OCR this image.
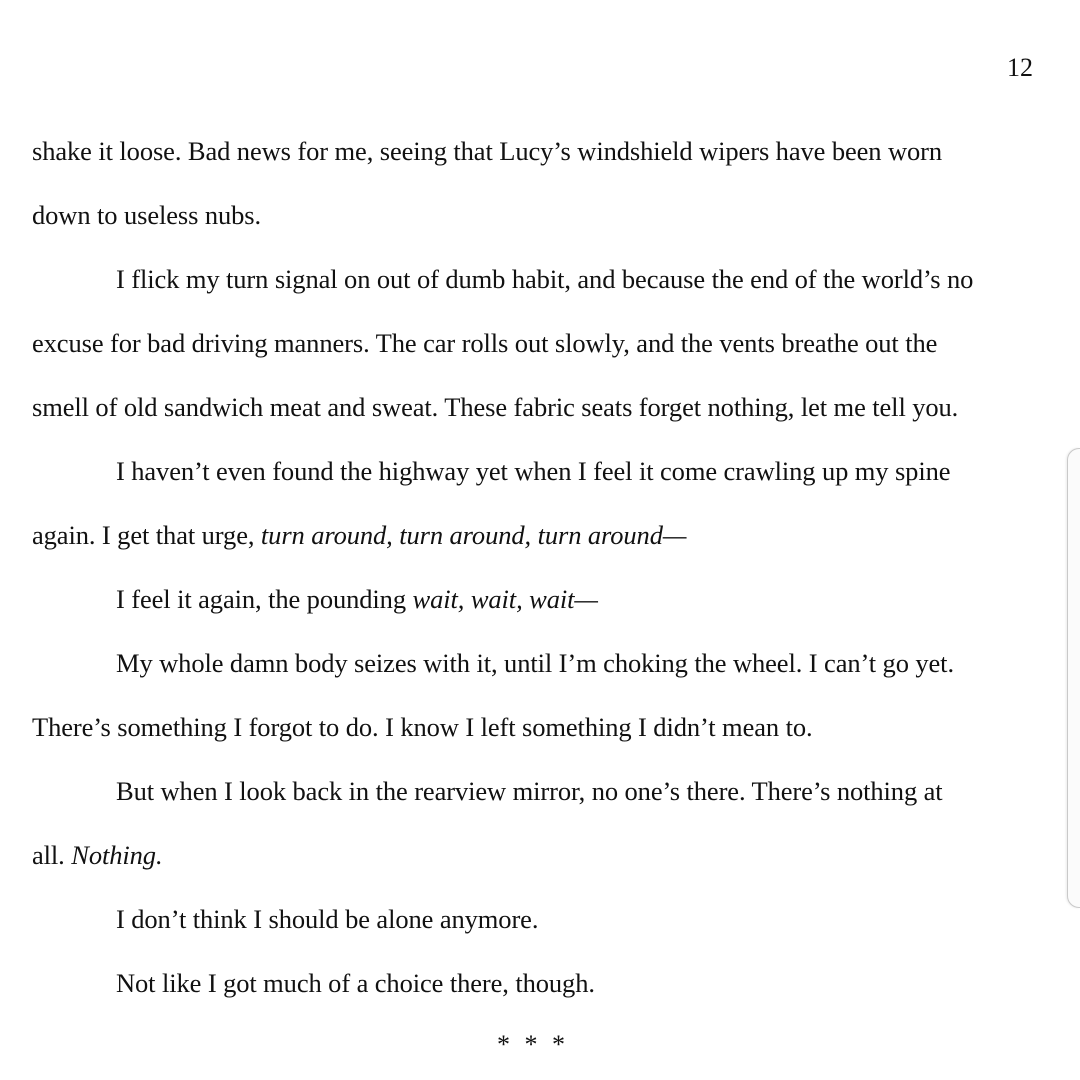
12
shake it loose. Bad news for me, seeing that Lucy’s windshield wipers have been worn
down to useless nubs.
I flick my turn signal on out of dumb habit, and because the end of the world’s no
excuse for bad driving manners. The car rolls out slowly, and the vents breathe out the
smell of old sandwich meat and sweat. These fabric seats forget nothing, let me tell you.
I haven’t even found the highway yet when I feel it come crawling up my spine
again. I get that urge, turn around, turn around, turn around—
I feel it again, the pounding wait, wait, wait—
My whole damn body seizes with it, until I’m choking the wheel. I can’t go yet.
There’s something I forgot to do. I know I left something I didn’t mean to.
But when I look back in the rearview mirror, no one’s there. There’s nothing at
all. Nothing.
I don’t think I should be alone anymore.
Not like I got much of a choice there, though.
* * *
